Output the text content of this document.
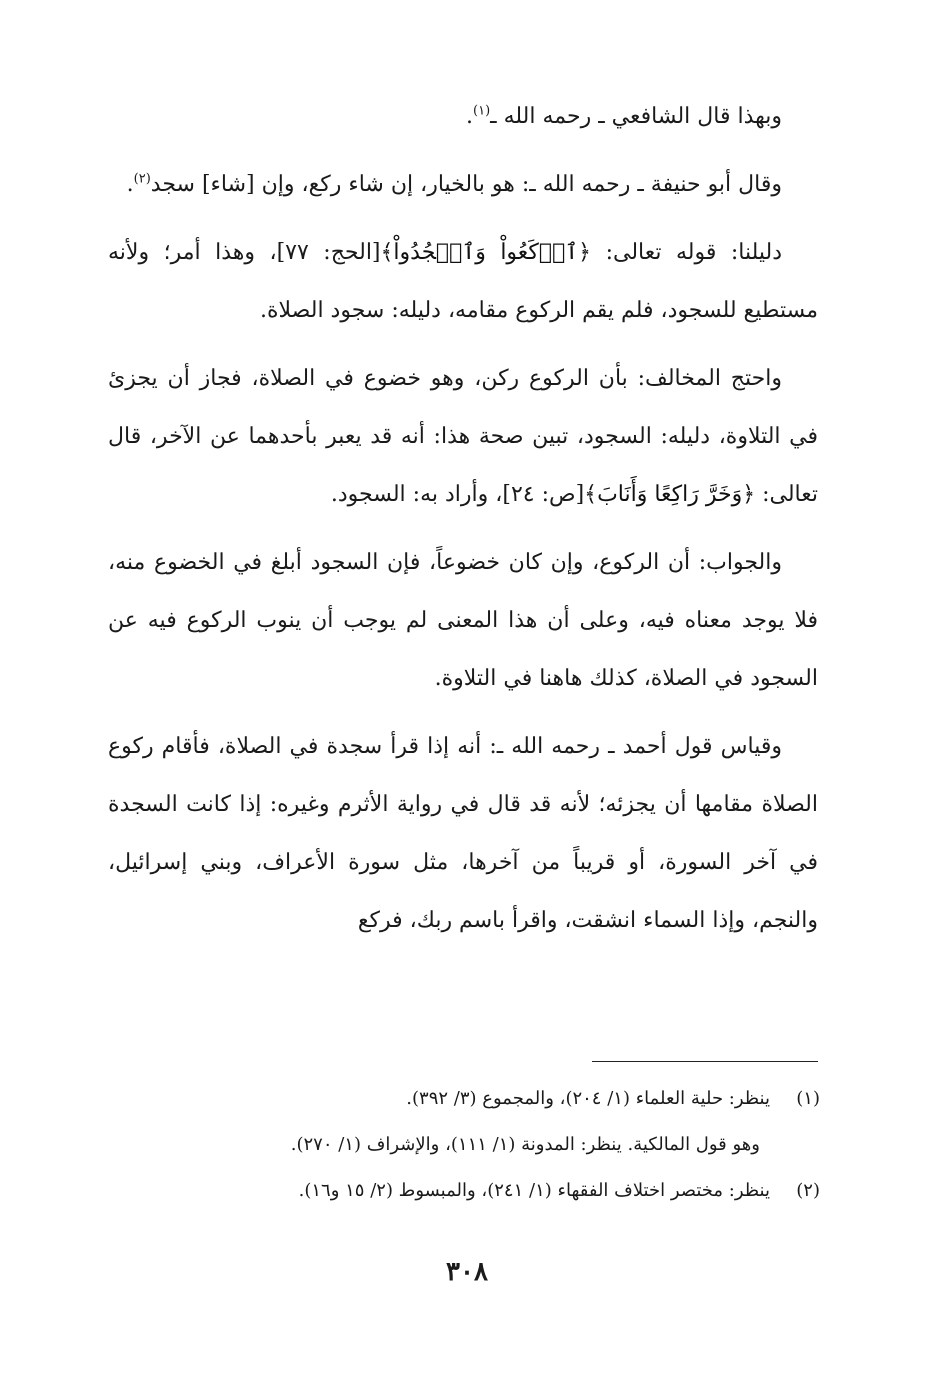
وبهذا قال الشافعي ـ رحمه الله ـ$^{(١)}$.

وقال أبو حنيفة ـ رحمه الله ـ: هو بالخيار، إن شاء ركع، وإن [شاء] سجد$^{(٢)}$.

دليلنا: قوله تعالى: ﴿ٱرۡكَعُواْ وَٱسۡجُدُواْ﴾[الحج: ٧٧]، وهذا أمر؛ ولأنه مستطيع للسجود، فلم يقم الركوع مقامه، دليله: سجود الصلاة.

واحتج المخالف: بأن الركوع ركن، وهو خضوع في الصلاة، فجاز أن يجزئ في التلاوة، دليله: السجود، تبين صحة هذا: أنه قد يعبر بأحدهما عن الآخر، قال تعالى: ﴿وَخَرَّ رَاكِعًا وَأَنَابَ﴾[ص: ٢٤]، وأراد به: السجود.

والجواب: أن الركوع، وإن كان خضوعاً، فإن السجود أبلغ في الخضوع منه، فلا يوجد معناه فيه، وعلى أن هذا المعنى لم يوجب أن ينوب الركوع فيه عن السجود في الصلاة، كذلك هاهنا في التلاوة.

وقياس قول أحمد ـ رحمه الله ـ: أنه إذا قرأ سجدة في الصلاة، فأقام ركوع الصلاة مقامها أن يجزئه؛ لأنه قد قال في رواية الأثرم وغيره: إذا كانت السجدة في آخر السورة، أو قريباً من آخرها، مثل سورة الأعراف، وبني إسرائيل، والنجم، وإذا السماء انشقت، واقرأ باسم ربك، فركع

(١)
ينظر: حلية العلماء (١/ ٢٠٤)، والمجموع (٣/ ٣٩٢).

وهو قول المالكية. ينظر: المدونة (١/ ١١١)، والإشراف (١/ ٢٧٠).

(٢)
ينظر: مختصر اختلاف الفقهاء (١/ ٢٤١)، والمبسوط (٢/ ١٥ و١٦).

٣٠٨
